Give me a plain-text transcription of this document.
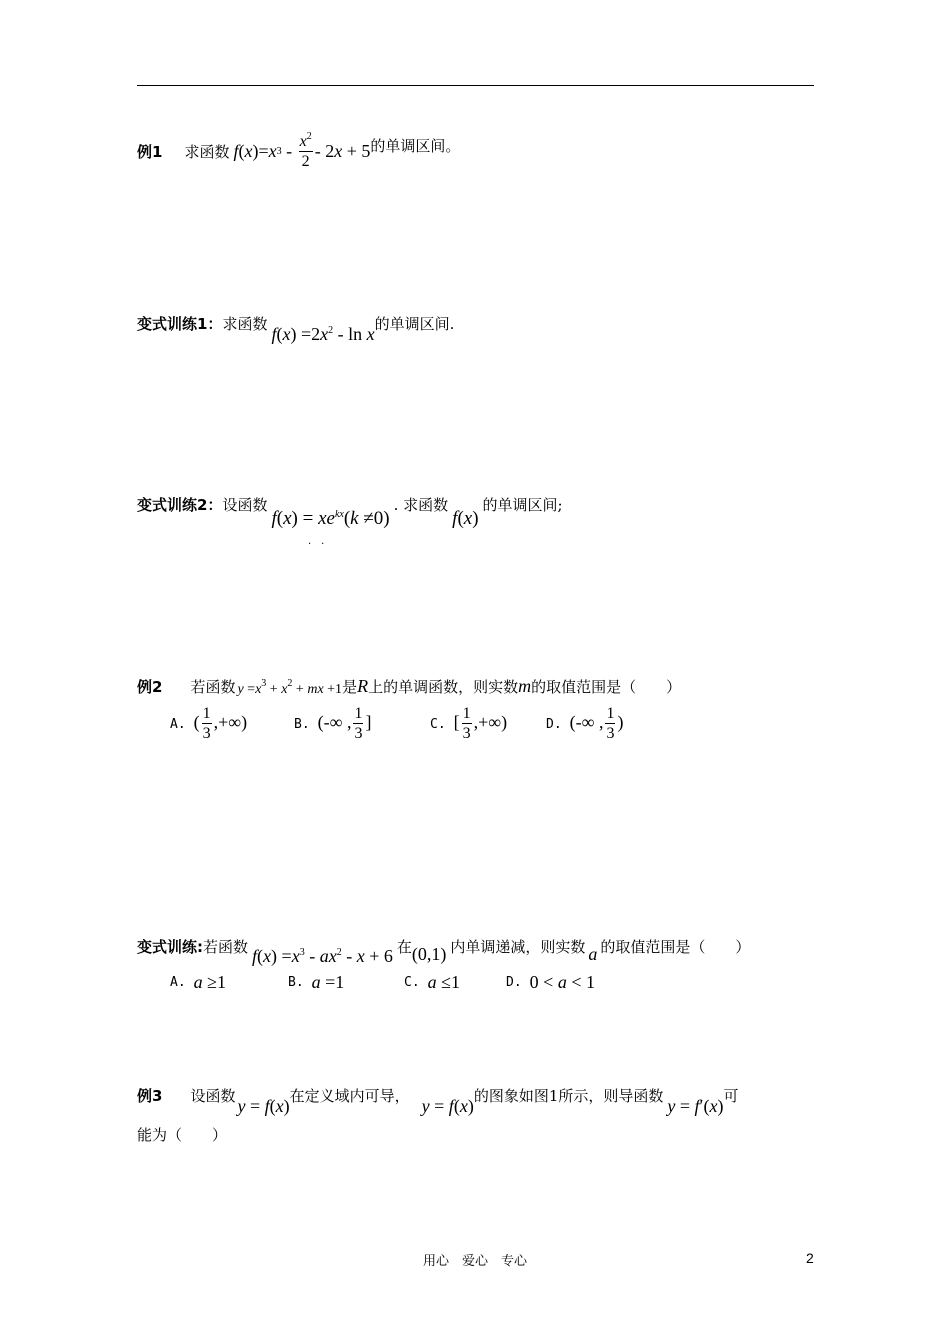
例1 求函数 f ( x )= x $3 - \frac{x^2}{2} - 2$ x + 5 的单调区间。
变式训练1： 求函数 $f(x) =2x^2 - \ln x$ 的单调区间.
变式训练2： 设函数
$f(x) = xe^{kx}(k \ne 0)$
. 求函数
f(x)
的单调区间;
·　·
例2 若函数 $y =x^3 + x^2$ + mx +1 是 R 上的单调函数，则实数 m 的取值范围是（　　）
A. ( $\frac{1}{3}$ ,+∞)	B. (-∞ , $\frac{1}{3}$ ]	C. [ $\frac{1}{3}$ ,+∞)	D. (-∞ , $\frac{1}{3}$ )
变式训练: 若函数 $f(x) =x^3 - ax^2 - x + 6$ 在 (0,1) 内单调递减，则实数 a 的取值范围是（　　）
A. a ≥1	B. a =1	C. a ≤1	D. 0 < a < 1
例3 设函数 y = f(x) 在定义域内可导， y = f(x) 的图象如图1所示，则导函数 y = f′(x) 可
能为（　　）
用心　爱心　专心	2
